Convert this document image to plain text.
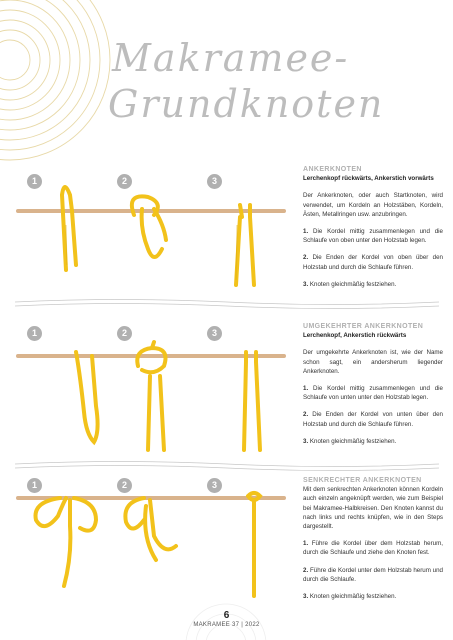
Makramee-
Grundknoten
1	2	3

ANKERKNOTEN

Lerchenkopf rückwärts, Ankerstich vorwärts

Der Ankerknoten, oder auch Startknoten, wird verwendet, um Kordeln an Holzstäben, Kordeln, Ästen, Metallringen usw. anzubringen.

1. Die Kordel mittig zusammenlegen und die Schlaufe von oben unter den Holzstab legen.

2. Die Enden der Kordel von oben über den Holzstab und durch die Schlaufe führen.

3. Knoten gleichmäßig festziehen.

1	2	3

UMGEKEHRTER ANKERKNOTEN

Lerchenkopf, Ankerstich rückwärts

Der umgekehrte Ankerknoten ist, wie der Name schon sagt, ein andersherum liegender Ankerknoten.

1. Die Kordel mittig zusammenlegen und die Schlaufe von unten unter den Holzstab legen.

2. Die Enden der Kordel von unten über den Holzstab und durch die Schlaufe führen.

3. Knoten gleichmäßig festziehen.

1	2	3	SENKRECHTER ANKERKNOTEN

Mit dem senkrechten Ankerknoten können Kordeln auch einzeln angeknüpft werden, wie zum Beispiel bei Makramee-Halbkreisen. Den Knoten kannst du nach links und rechts knüpfen, wie in den Steps dargestellt.

1. Führe die Kordel über dem Holzstab herum, durch die Schlaufe und ziehe den Knoten fest.

2. Führe die Kordel unter dem Holzstab herum und durch die Schlaufe.

3. Knoten gleichmäßig festziehen.

6
MAKRAMEE 37 | 2022
